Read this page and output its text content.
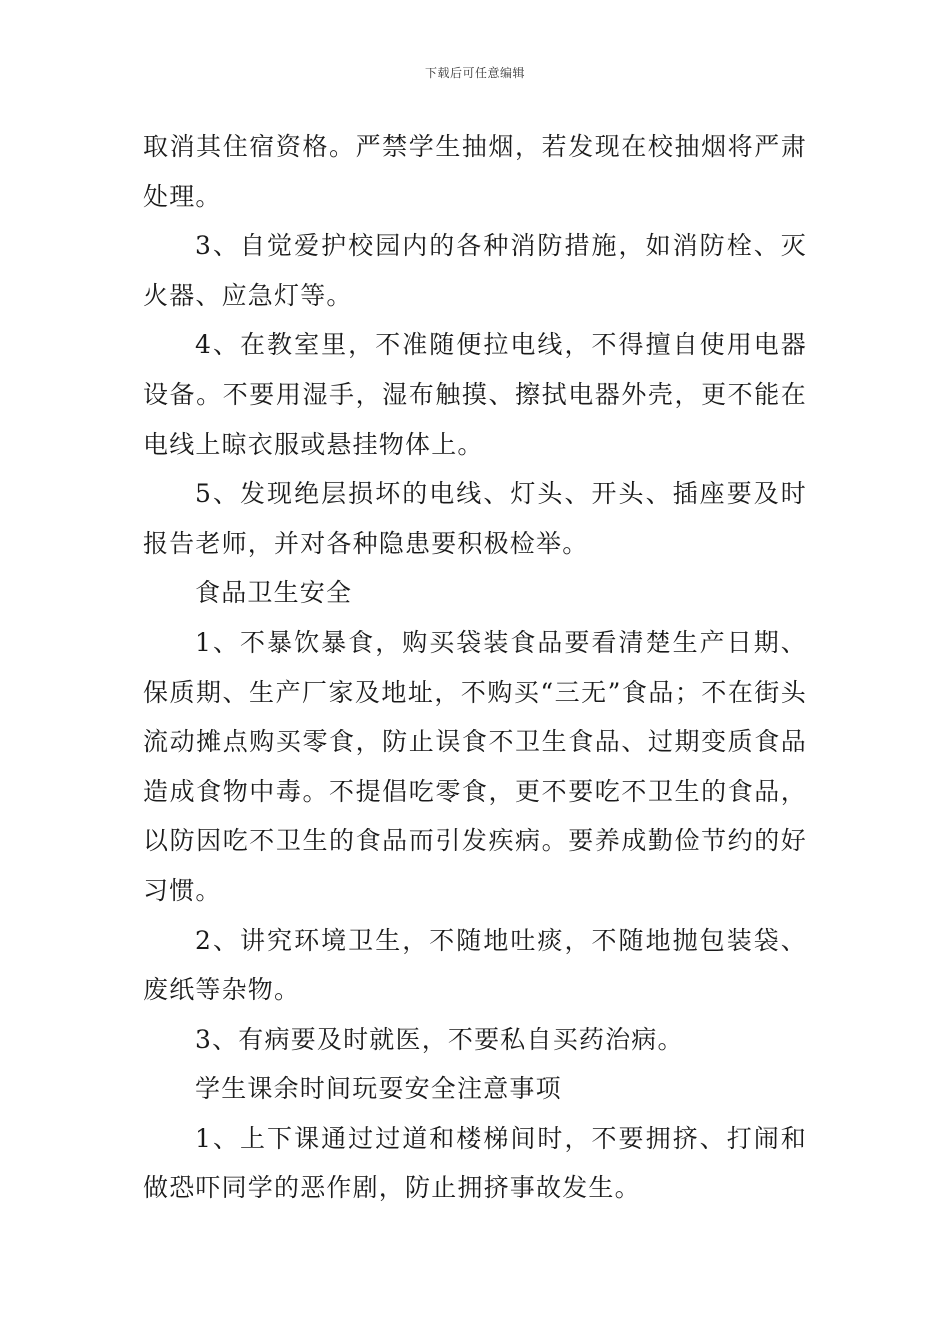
下载后可任意编辑

取消其住宿资格。严禁学生抽烟，若发现在校抽烟将严肃处理。

3、自觉爱护校园内的各种消防措施，如消防栓、灭火器、应急灯等。

4、在教室里，不准随便拉电线，不得擅自使用电器设备。不要用湿手，湿布触摸、擦拭电器外壳，更不能在电线上晾衣服或悬挂物体上。

5、发现绝层损坏的电线、灯头、开头、插座要及时报告老师，并对各种隐患要积极检举。

食品卫生安全

1、不暴饮暴食，购买袋装食品要看清楚生产日期、保质期、生产厂家及地址，不购买“三无”食品；不在街头流动摊点购买零食，防止误食不卫生食品、过期变质食品造成食物中毒。不提倡吃零食，更不要吃不卫生的食品，以防因吃不卫生的食品而引发疾病。要养成勤俭节约的好习惯。

2、讲究环境卫生，不随地吐痰，不随地抛包装袋、废纸等杂物。

3、有病要及时就医，不要私自买药治病。

学生课余时间玩耍安全注意事项

1、上下课通过过道和楼梯间时，不要拥挤、打闹和做恐吓同学的恶作剧，防止拥挤事故发生。
